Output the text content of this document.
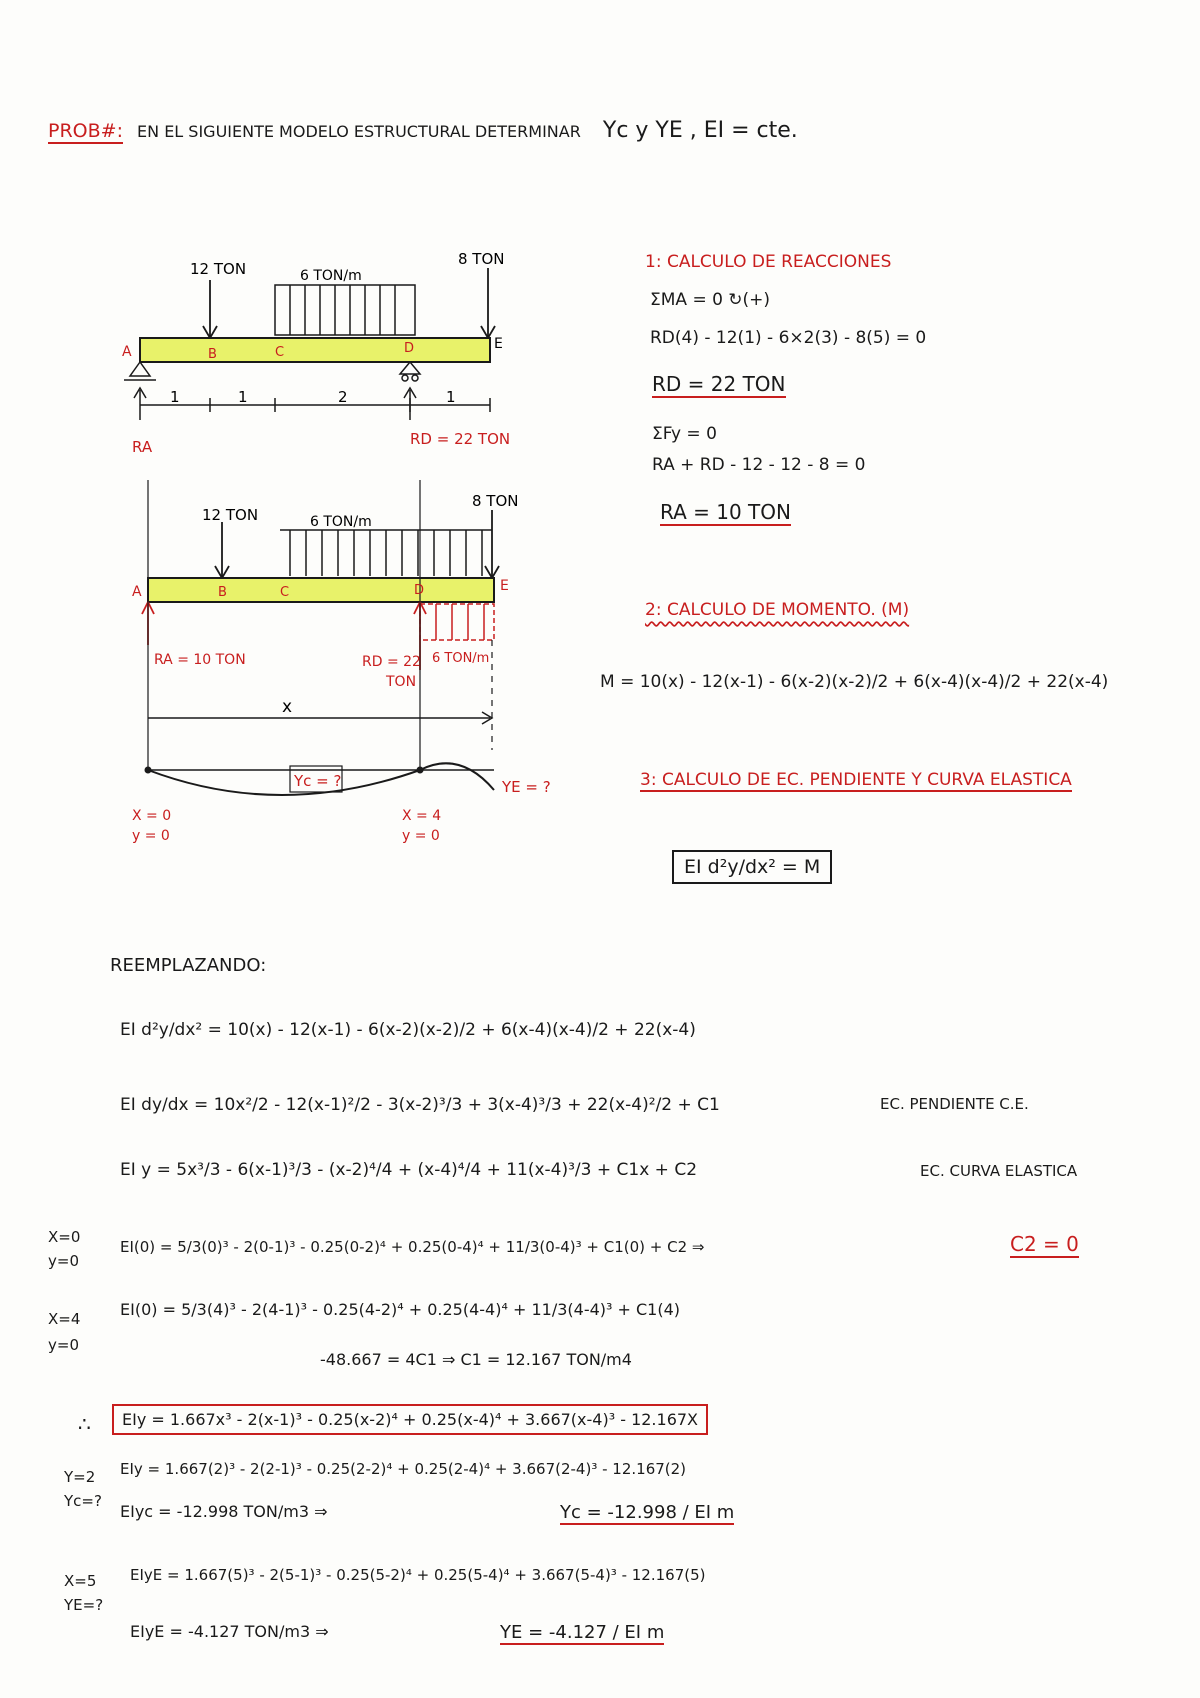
PROB#: EN EL SIGUIENTE MODELO ESTRUCTURAL DETERMINAR Yc y YE , EI = cte.
12 TON	6 TON/m
8 TON
A	B	C	D	E
1	1	2	1
RA	RD = 22 TON
12 TON	6 TON/m
8 TON
A	B	C	D	E
RA = 10 TON	RD = 22
TON
6 TON/m
x
Yc = ?	YE = ?
X = 0
y = 0
X = 4
y = 0
1: CALCULO DE REACCIONES
ΣMA = 0 ↻(+)
RD(4) - 12(1) - 6×2(3) - 8(5) = 0
RD = 22 TON
ΣFy = 0
RA + RD - 12 - 12 - 8 = 0
RA = 10 TON
2: CALCULO DE MOMENTO. (M)
M = 10(x) - 12(x-1) - 6(x-2)(x-2)/2 + 6(x-4)(x-4)/2 + 22(x-4)
3: CALCULO DE EC. PENDIENTE Y CURVA ELASTICA
EI d²y/dx² = M
REEMPLAZANDO:
EI d²y/dx² = 10(x) - 12(x-1) - 6(x-2)(x-2)/2 + 6(x-4)(x-4)/2 + 22(x-4)
EI dy/dx = 10x²/2 - 12(x-1)²/2 - 3(x-2)³/3 + 3(x-4)³/3 + 22(x-4)²/2 + C1	EC. PENDIENTE C.E.
EI y = 5x³/3 - 6(x-1)³/3 - (x-2)⁴/4 + (x-4)⁴/4 + 11(x-4)³/3 + C1x + C2	EC. CURVA ELASTICA
X=0
y=0
EI(0) = 5/3(0)³ - 2(0-1)³ - 0.25(0-2)⁴ + 0.25(0-4)⁴ + 11/3(0-4)³ + C1(0) + C2 ⇒	C2 = 0
X=4
y=0
EI(0) = 5/3(4)³ - 2(4-1)³ - 0.25(4-2)⁴ + 0.25(4-4)⁴ + 11/3(4-4)³ + C1(4)
-48.667 = 4C1 ⇒ C1 = 12.167 TON/m4
∴	EIy = 1.667x³ - 2(x-1)³ - 0.25(x-2)⁴ + 0.25(x-4)⁴ + 3.667(x-4)³ - 12.167X
Y=2
Yc=?
EIy = 1.667(2)³ - 2(2-1)³ - 0.25(2-2)⁴ + 0.25(2-4)⁴ + 3.667(2-4)³ - 12.167(2)
EIyc = -12.998 TON/m3 ⇒	Yc = -12.998 / EI m
X=5
YE=?
EIyE = 1.667(5)³ - 2(5-1)³ - 0.25(5-2)⁴ + 0.25(5-4)⁴ + 3.667(5-4)³ - 12.167(5)
EIyE = -4.127 TON/m3 ⇒	YE = -4.127 / EI m
